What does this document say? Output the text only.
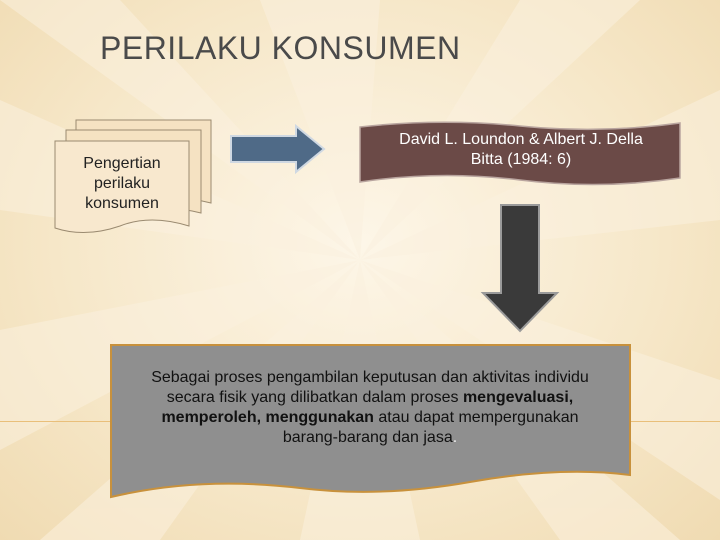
PERILAKU KONSUMEN
Pengertian
perilaku
konsumen
David L. Loundon & Albert J. Della
Bitta (1984: 6)
Sebagai proses pengambilan keputusan dan aktivitas individu
secara fisik yang dilibatkan dalam proses mengevaluasi,
memperoleh, menggunakan atau dapat mempergunakan
barang-barang dan jasa.
